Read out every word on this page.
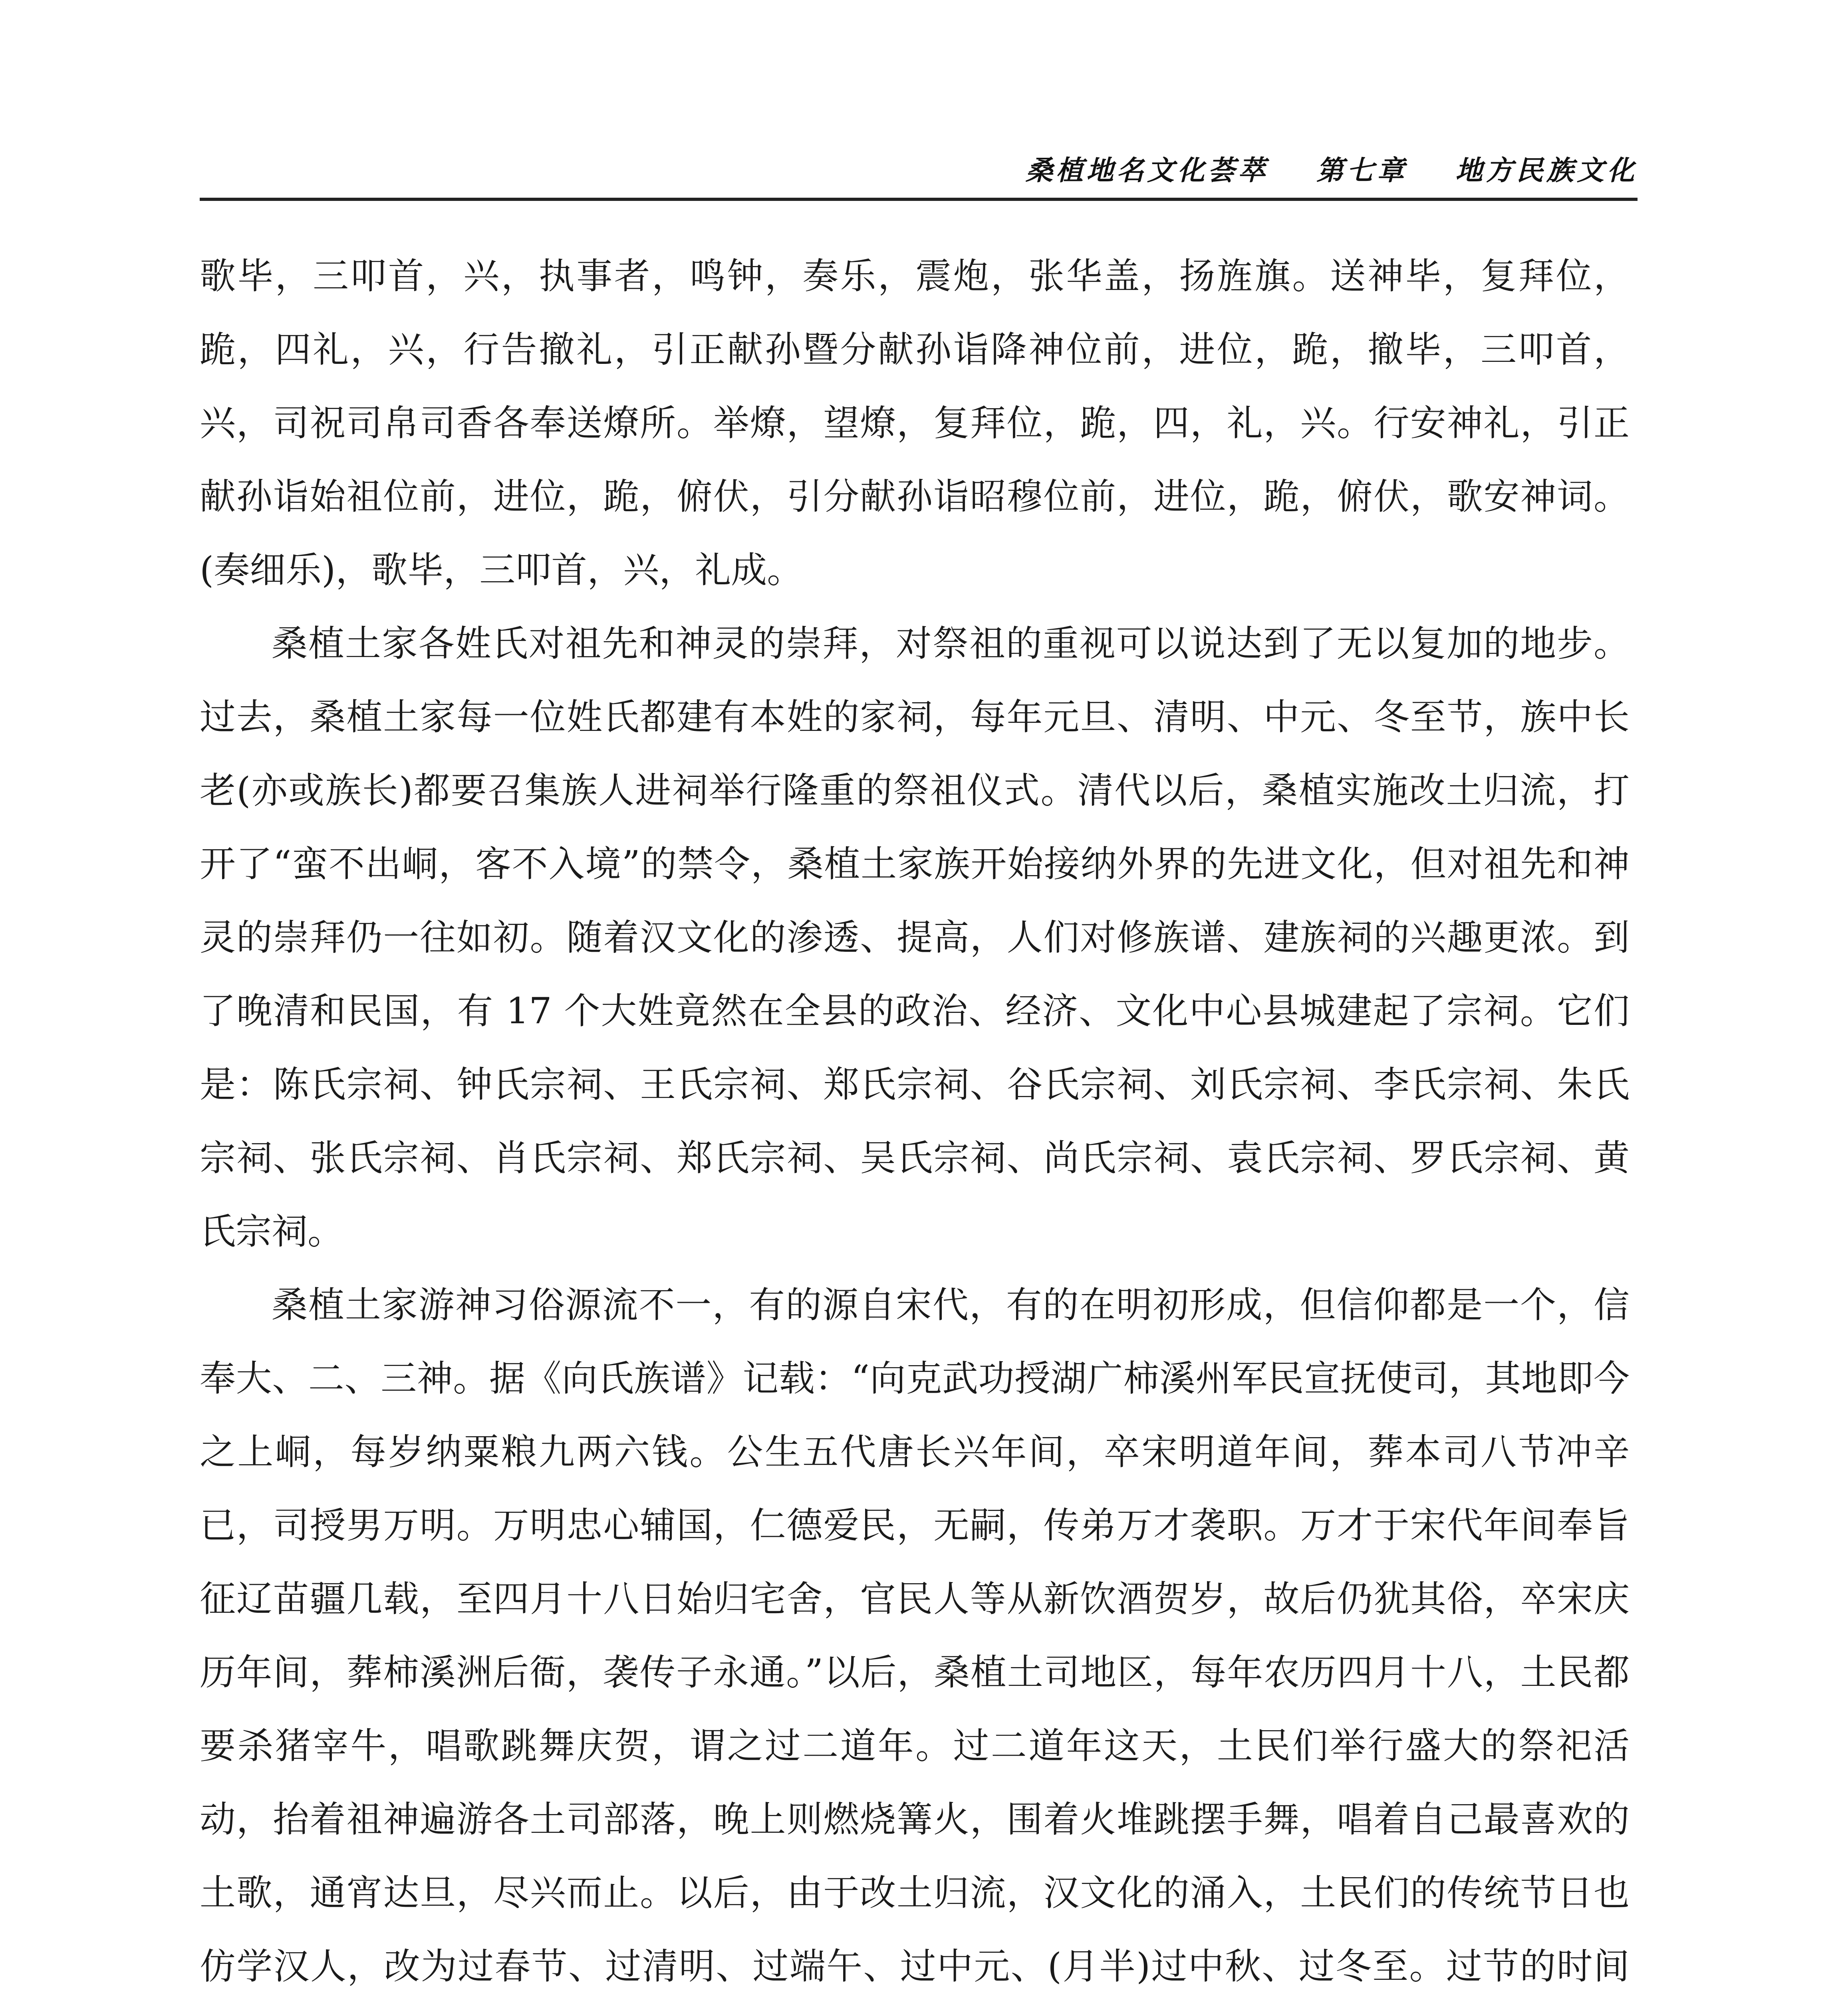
桑植地名文化荟萃 第七章 地方民族文化

歌毕，三叩首，兴，执事者，鸣钟，奏乐，震炮，张华盖，扬旌旗。送神毕，复拜位，跪，四礼，兴，行告撤礼，引正献孙暨分献孙诣降神位前，进位，跪，撤毕，三叩首，兴，司祝司帛司香各奉送燎所。举燎，望燎，复拜位，跪，四，礼，兴。行安神礼，引正献孙诣始祖位前，进位，跪，俯伏，引分献孙诣昭穆位前，进位，跪，俯伏，歌安神词。(奏细乐)，歌毕，三叩首，兴，礼成。

桑植土家各姓氏对祖先和神灵的崇拜，对祭祖的重视可以说达到了无以复加的地步。过去，桑植土家每一位姓氏都建有本姓的家祠，每年元旦、清明、中元、冬至节，族中长老(亦或族长)都要召集族人进祠举行隆重的祭祖仪式。清代以后，桑植实施改土归流，打开了“蛮不出峒，客不入境”的禁令，桑植土家族开始接纳外界的先进文化，但对祖先和神灵的崇拜仍一往如初。随着汉文化的渗透、提高，人们对修族谱、建族祠的兴趣更浓。到了晚清和民国，有 17 个大姓竟然在全县的政治、经济、文化中心县城建起了宗祠。它们是：陈氏宗祠、钟氏宗祠、王氏宗祠、郑氏宗祠、谷氏宗祠、刘氏宗祠、李氏宗祠、朱氏宗祠、张氏宗祠、肖氏宗祠、郑氏宗祠、吴氏宗祠、尚氏宗祠、袁氏宗祠、罗氏宗祠、黄氏宗祠。

桑植土家游神习俗源流不一，有的源自宋代，有的在明初形成，但信仰都是一个，信奉大、二、三神。据《向氏族谱》记载：“向克武功授湖广柿溪州军民宣抚使司，其地即今之上峒，每岁纳粟粮九两六钱。公生五代唐长兴年间，卒宋明道年间，葬本司八节冲辛已，司授男万明。万明忠心辅国，仁德爱民，无嗣，传弟万才袭职。万才于宋代年间奉旨征辽苗疆几载，至四月十八日始归宅舍，官民人等从新饮酒贺岁，故后仍犹其俗，卒宋庆历年间，葬柿溪洲后衙，袭传子永通。”以后，桑植土司地区，每年农历四月十八，土民都要杀猪宰牛，唱歌跳舞庆贺，谓之过二道年。过二道年这天，土民们举行盛大的祭祀活动，抬着祖神遍游各土司部落，晚上则燃烧篝火，围着火堆跳摆手舞，唱着自己最喜欢的土歌，通宵达旦，尽兴而止。以后，由于改土归流，汉文化的涌入，土民们的传统节日也仿学汉人，改为过春节、过清明、过端午、过中元、(月半)过中秋、过冬至。过节的时间
